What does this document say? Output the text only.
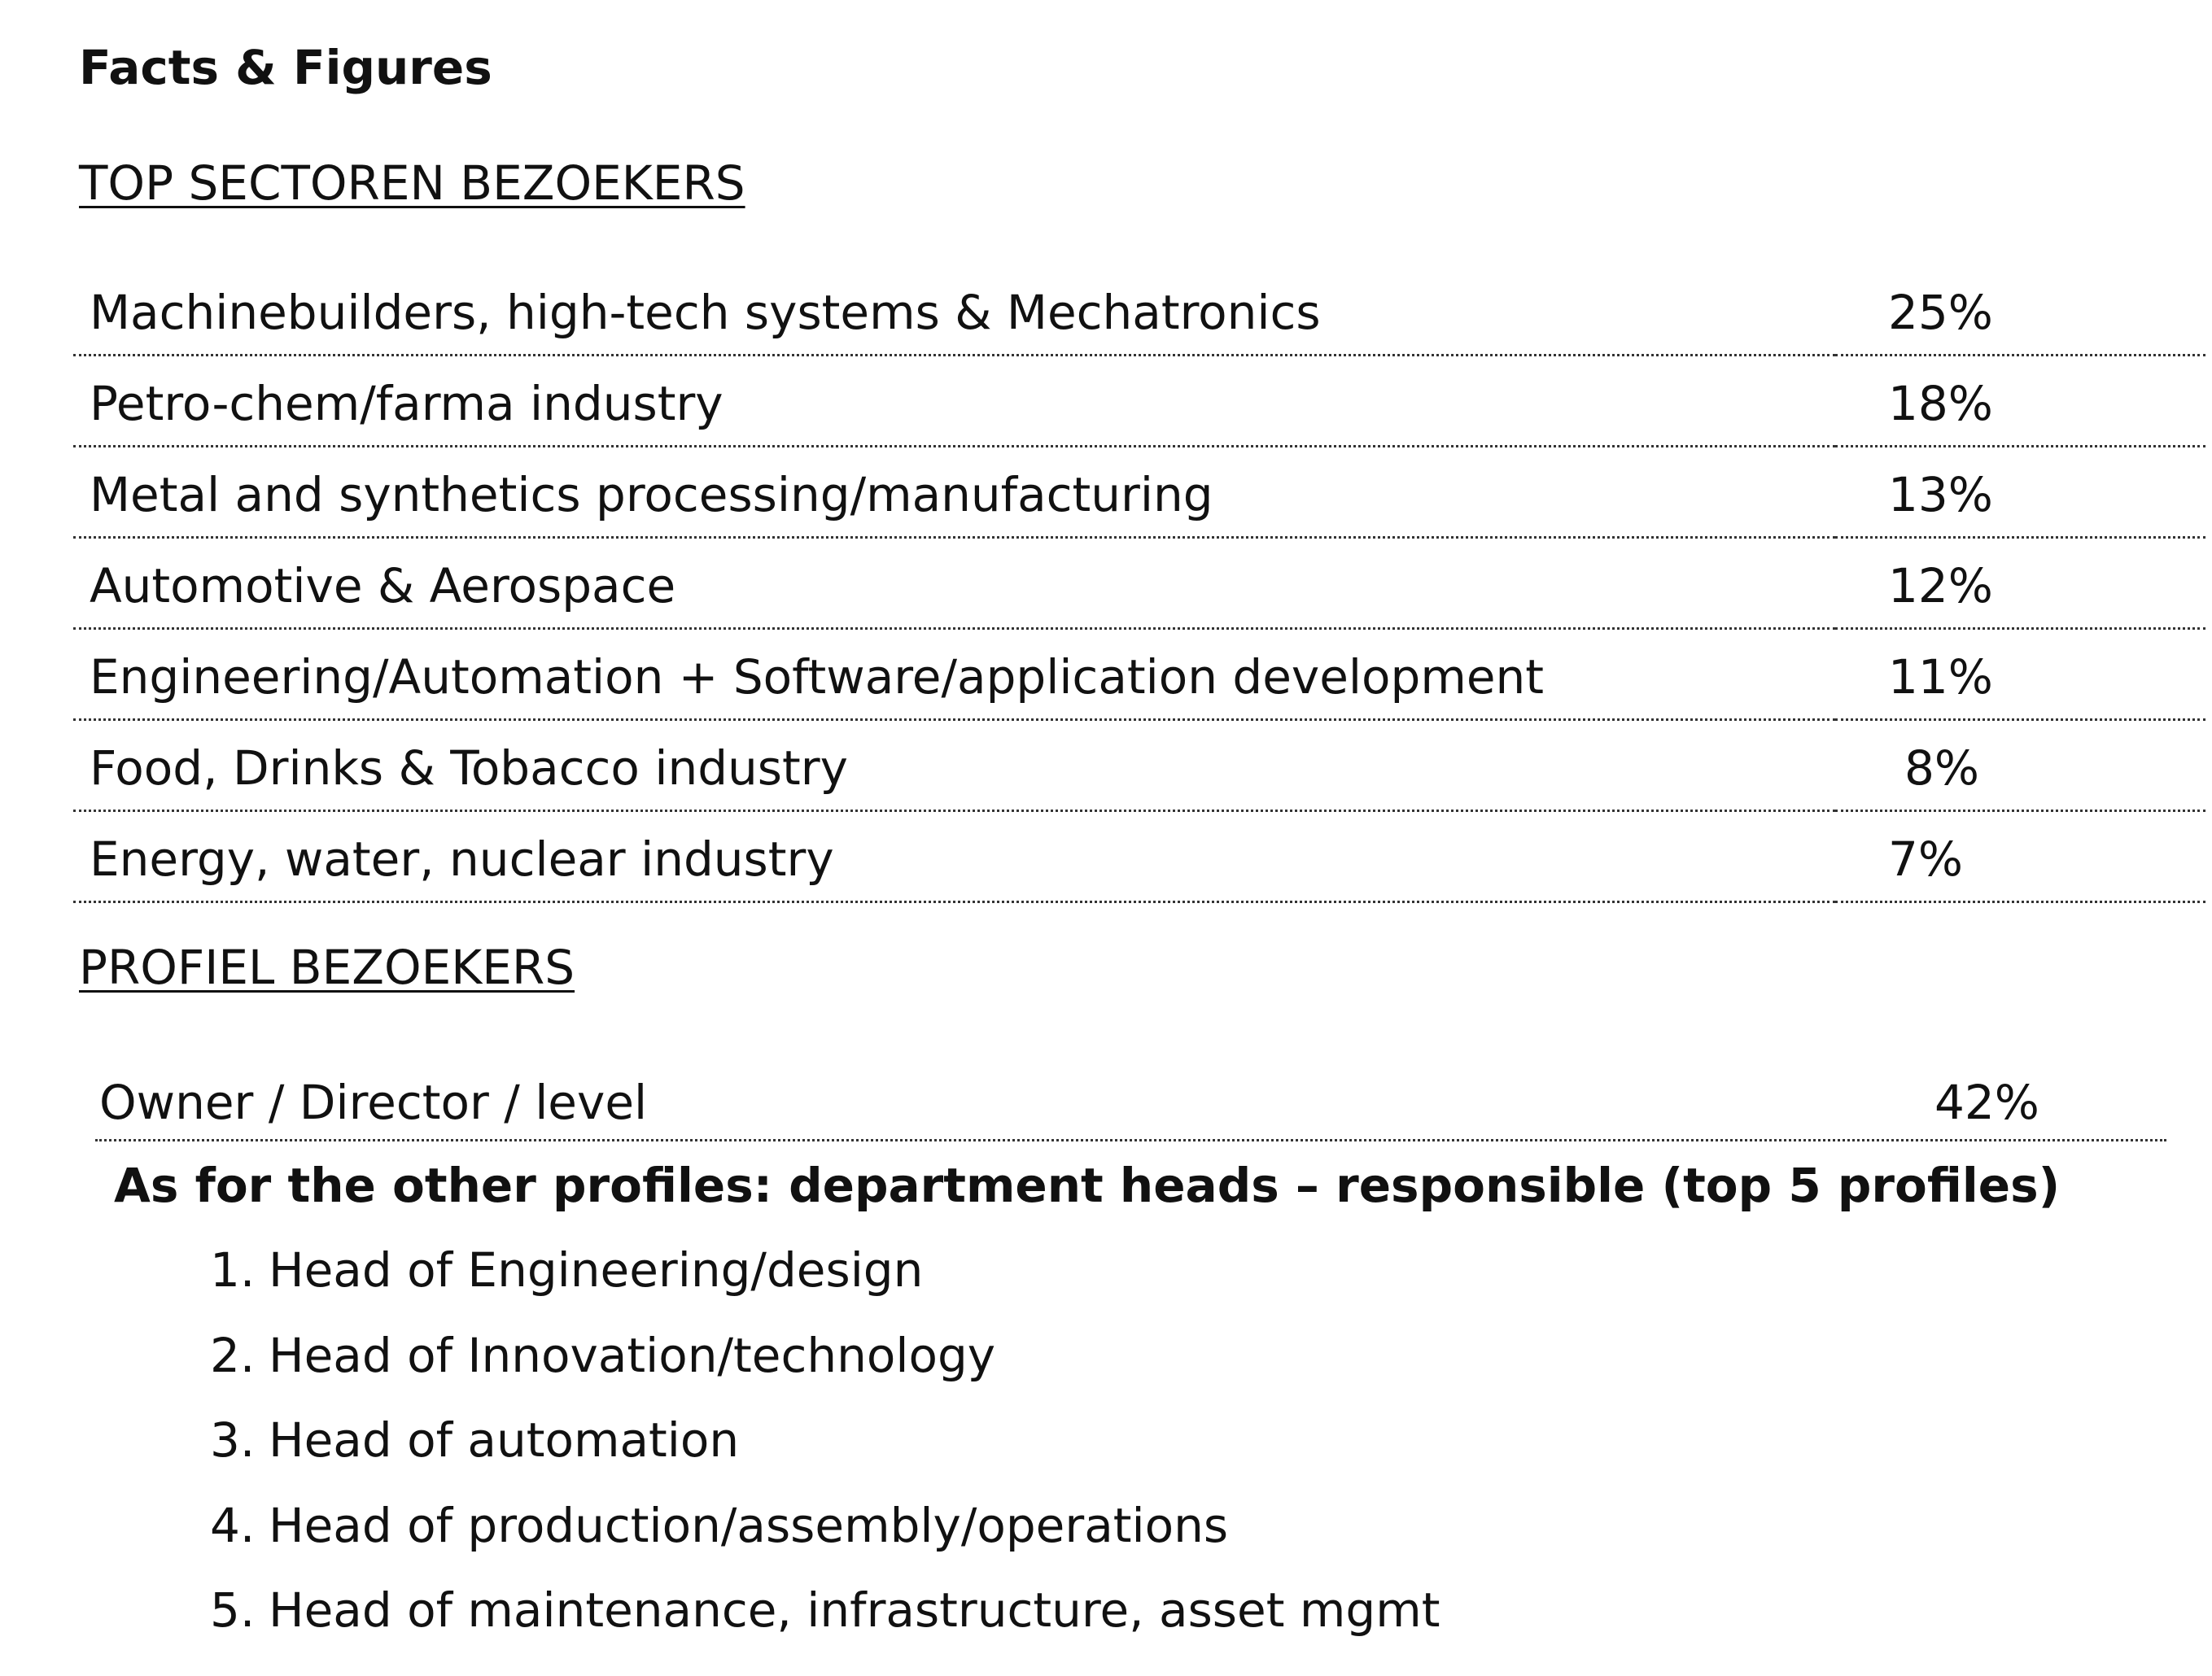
Facts & Figures
TOP SECTOREN BEZOEKERS
Machinebuilders, high-tech systems & Mechatronics	25%
Petro-chem/farma industry	18%
Metal and synthetics processing/manufacturing	13%
Automotive & Aerospace	12%
Engineering/Automation + Software/application development	11%
Food, Drinks & Tobacco industry	8%
Energy, water, nuclear industry	7%
PROFIEL BEZOEKERS
Owner / Director / level	42%
As for the other profiles: department heads – responsible (top 5 profiles)
1. Head of Engineering/design
2. Head of Innovation/technology
3. Head of automation
4. Head of production/assembly/operations
5. Head of maintenance, infrastructure, asset mgmt
